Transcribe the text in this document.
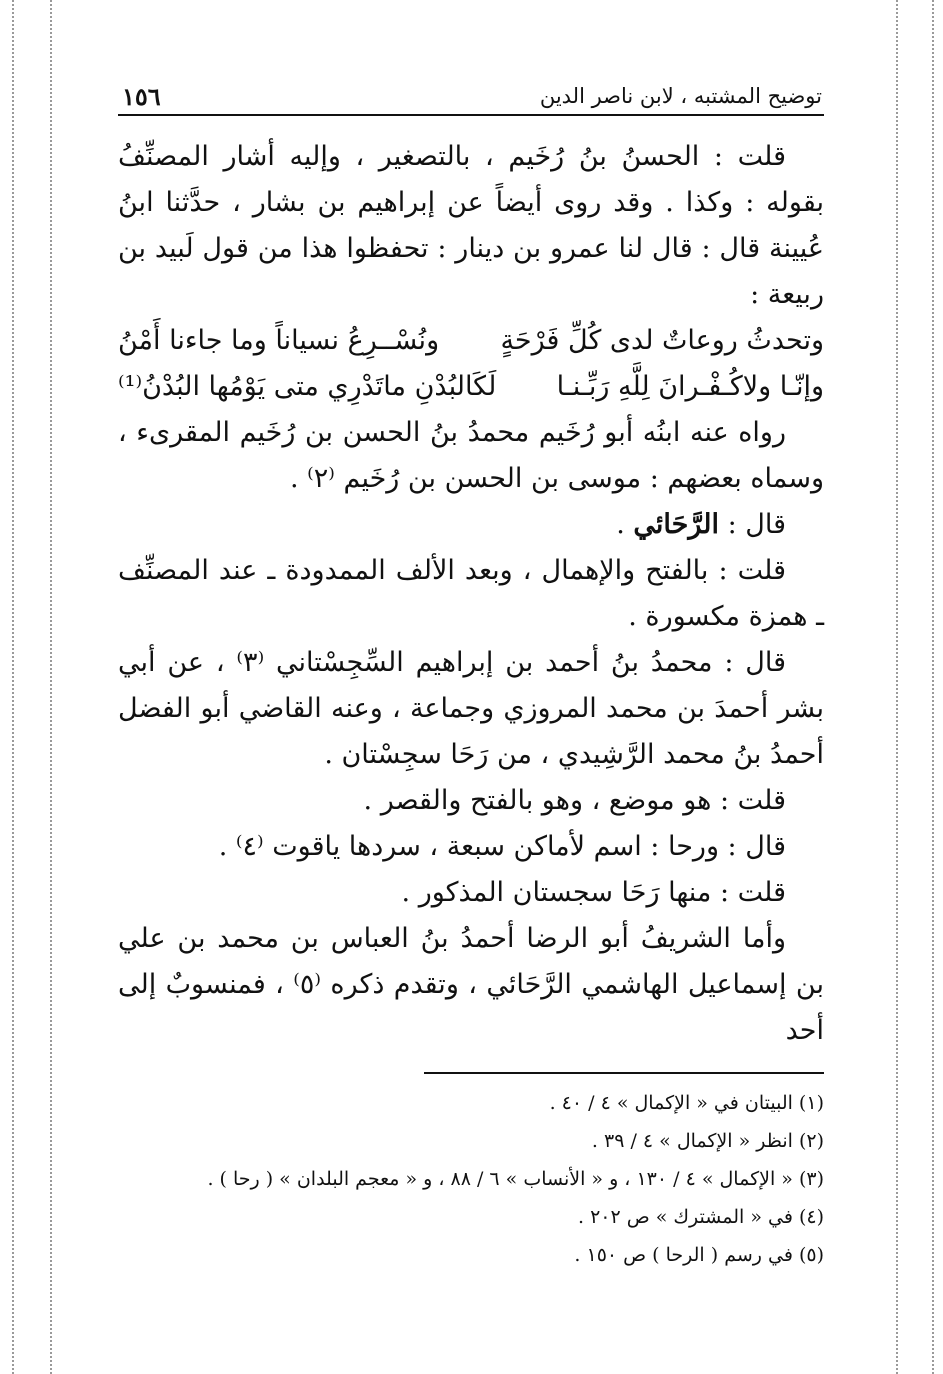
توضيح المشتبه ، لابن ناصر الدين
١٥٦

قلت : الحسنُ بنُ رُخَيم ، بالتصغير ، وإليه أشار المصنِّفُ بقوله : وكذا . وقد روى أيضاً عن إبراهيم بن بشار ، حدَّثنا ابنُ عُيينة قال : قال لنا عمرو بن دينار : تحفظوا هذا من قول لَبيد بن ربيعة :

وتحدثُ روعاتٌ لدى كُلِّ فَرْحَةٍ
ونُسْــرِعُ نسياناً وما جاءنا أَمْنُ
وإنّـا ولاكُـفْـرانَ لِلَّهِ رَبِّـنـا
لَكَالبُدْنِ ماتَدْرِي متى يَوْمُها البُدْنُ⁽¹⁾

رواه عنه ابنُه أبو رُخَيم محمدُ بنُ الحسن بن رُخَيم المقرىء ، وسماه بعضهم : موسى بن الحسن بن رُخَيم ⁽٢⁾ .

قال : الرَّحَائي .

قلت : بالفتح والإهمال ، وبعد الألف الممدودة ـ عند المصنِّف ـ همزة مكسورة .

قال : محمدُ بنُ أحمد بن إبراهيم السِّجِسْتاني ⁽٣⁾ ، عن أبي بشر أحمدَ بن محمد المروزي وجماعة ، وعنه القاضي أبو الفضل أحمدُ بنُ محمد الرَّشِيدي ، من رَحَا سجِسْتان .

قلت : هو موضع ، وهو بالفتح والقصر .

قال : ورحا : اسم لأماكن سبعة ، سردها ياقوت ⁽٤⁾ .

قلت : منها رَحَا سجستان المذكور .

وأما الشريفُ أبو الرضا أحمدُ بنُ العباس بن محمد بن علي بن إسماعيل الهاشمي الرَّحَائي ، وتقدم ذكره ⁽٥⁾ ، فمنسوبٌ إلى أحد

(١) البيتان في « الإكمال » ٤ / ٤٠ .

(٢) انظر « الإكمال » ٤ / ٣٩ .

(٣) « الإكمال » ٤ / ١٣٠ ، و « الأنساب » ٦ / ٨٨ ، و « معجم البلدان » ( رحا ) .

(٤) في « المشترك » ص ٢٠٢ .

(٥) في رسم ( الرحا ) ص ١٥٠ .
